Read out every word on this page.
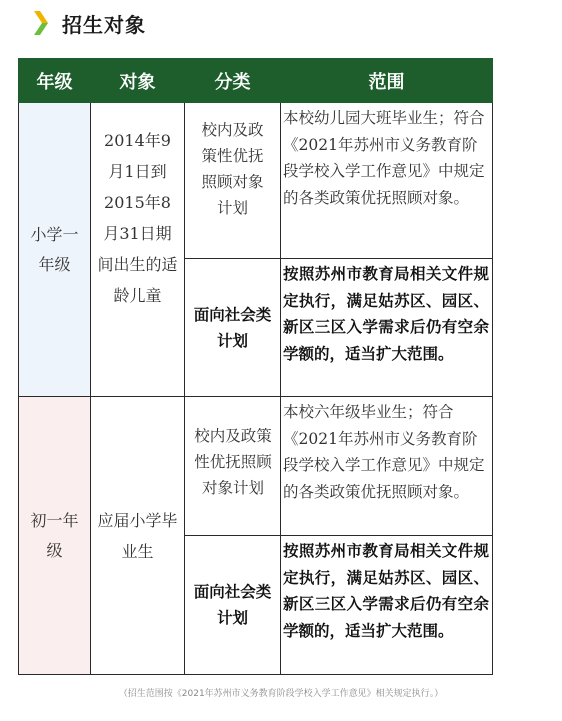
招生对象
年级	对象	分类	范围
小学一年级	2014年9月1日到 2015年8月31日期间出生的适龄儿童	校内及政策性优抚照顾对象计划	本校幼儿园大班毕业生；符合《2021年苏州市义务教育阶段学校入学工作意见》中规定的各类政策优抚照顾对象。
		面向社会类计划	按照苏州市教育局相关文件规定执行，满足姑苏区、园区、新区三区入学需求后仍有空余学额的，适当扩大范围。
初一年级	应届小学毕业生	校内及政策性优抚照顾对象计划	本校六年级毕业生；符合《2021年苏州市义务教育阶段学校入学工作意见》中规定的各类政策优抚照顾对象。
		面向社会类计划	按照苏州市教育局相关文件规定执行，满足姑苏区、园区、新区三区入学需求后仍有空余学额的，适当扩大范围。
（招生范围按《2021年苏州市义务教育阶段学校入学工作意见》相关规定执行。）
